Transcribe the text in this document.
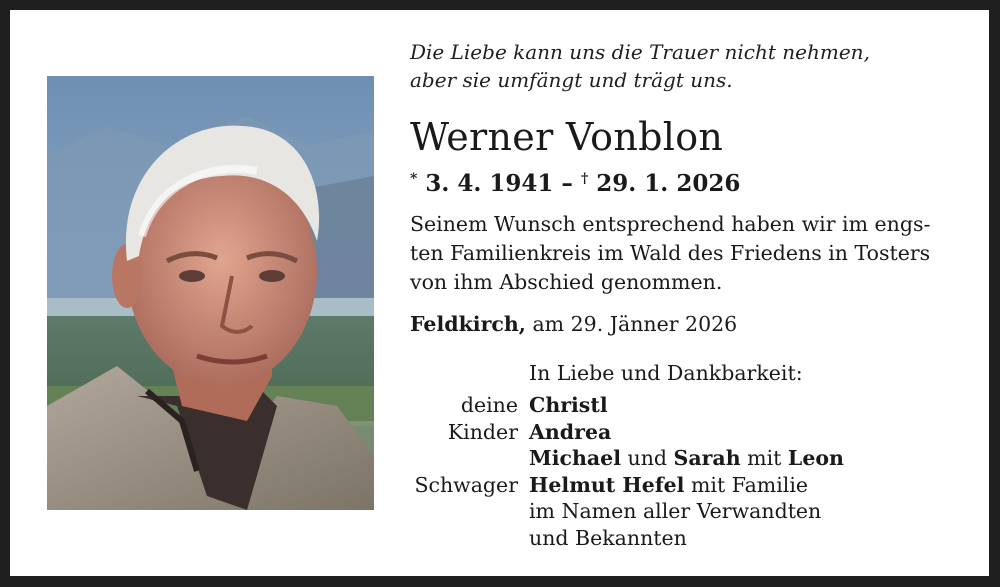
Die Liebe kann uns die Trauer nicht nehmen,
aber sie umfängt und trägt uns.
Werner Vonblon
* 3. 4. 1941 – † 29. 1. 2026
Seinem Wunsch entsprechend haben wir im engs-
ten Familienkreis im Wald des Friedens in Tosters
von ihm Abschied genommen.
Feldkirch, am 29. Jänner 2026
In Liebe und Dankbarkeit:
deine Christl
Kinder Andrea
Michael und Sarah mit Leon
Schwager Helmut Hefel mit Familie
im Namen aller Verwandten
und Bekannten
